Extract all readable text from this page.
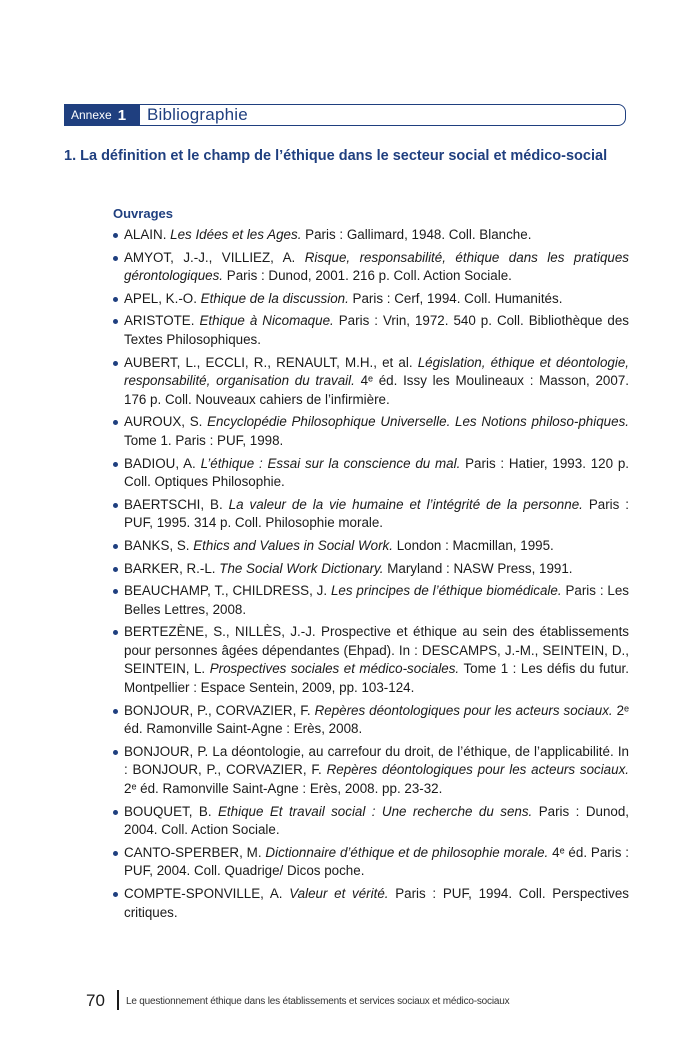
Annexe 1 Bibliographie
1. La définition et le champ de l’éthique dans le secteur social et médico-social
Ouvrages
ALAIN. Les Idées et les Ages. Paris : Gallimard, 1948. Coll. Blanche.
AMYOT, J.-J., VILLIEZ, A. Risque, responsabilité, éthique dans les pratiques gérontologiques. Paris : Dunod, 2001. 216 p. Coll. Action Sociale.
APEL, K.-O. Ethique de la discussion. Paris : Cerf, 1994. Coll. Humanités.
ARISTOTE. Ethique à Nicomaque. Paris : Vrin, 1972. 540 p. Coll. Bibliothèque des Textes Philosophiques.
AUBERT, L., ECCLI, R., RENAULT, M.H., et al. Législation, éthique et déontologie, responsabilité, organisation du travail. 4ᵉ éd. Issy les Moulineaux : Masson, 2007. 176 p. Coll. Nouveaux cahiers de l’infirmière.
AUROUX, S. Encyclopédie Philosophique Universelle. Les Notions philoso-phiques. Tome 1. Paris : PUF, 1998.
BADIOU, A. L’éthique : Essai sur la conscience du mal. Paris : Hatier, 1993. 120 p. Coll. Optiques Philosophie.
BAERTSCHI, B. La valeur de la vie humaine et l’intégrité de la personne. Paris : PUF, 1995. 314 p. Coll. Philosophie morale.
BANKS, S. Ethics and Values in Social Work. London : Macmillan, 1995.
BARKER, R.-L. The Social Work Dictionary. Maryland : NASW Press, 1991.
BEAUCHAMP, T., CHILDRESS, J. Les principes de l’éthique biomédicale. Paris : Les Belles Lettres, 2008.
BERTEZÈNE, S., NILLÈS, J.-J. Prospective et éthique au sein des établissements pour personnes âgées dépendantes (Ehpad). In : DESCAMPS, J.-M., SEINTEIN, D., SEINTEIN, L. Prospectives sociales et médico-sociales. Tome 1 : Les défis du futur. Montpellier : Espace Sentein, 2009, pp. 103-124.
BONJOUR, P., CORVAZIER, F. Repères déontologiques pour les acteurs sociaux. 2ᵉ éd. Ramonville Saint-Agne : Erès, 2008.
BONJOUR, P. La déontologie, au carrefour du droit, de l’éthique, de l’applicabilité. In : BONJOUR, P., CORVAZIER, F. Repères déontologiques pour les acteurs sociaux. 2ᵉ éd. Ramonville Saint-Agne : Erès, 2008. pp. 23-32.
BOUQUET, B. Ethique Et travail social : Une recherche du sens. Paris : Dunod, 2004. Coll. Action Sociale.
CANTO-SPERBER, M. Dictionnaire d’éthique et de philosophie morale. 4ᵉ éd. Paris : PUF, 2004. Coll. Quadrige/ Dicos poche.
COMPTE-SPONVILLE, A. Valeur et vérité. Paris : PUF, 1994. Coll. Perspectives critiques.
70 Le questionnement éthique dans les établissements et services sociaux et médico-sociaux
